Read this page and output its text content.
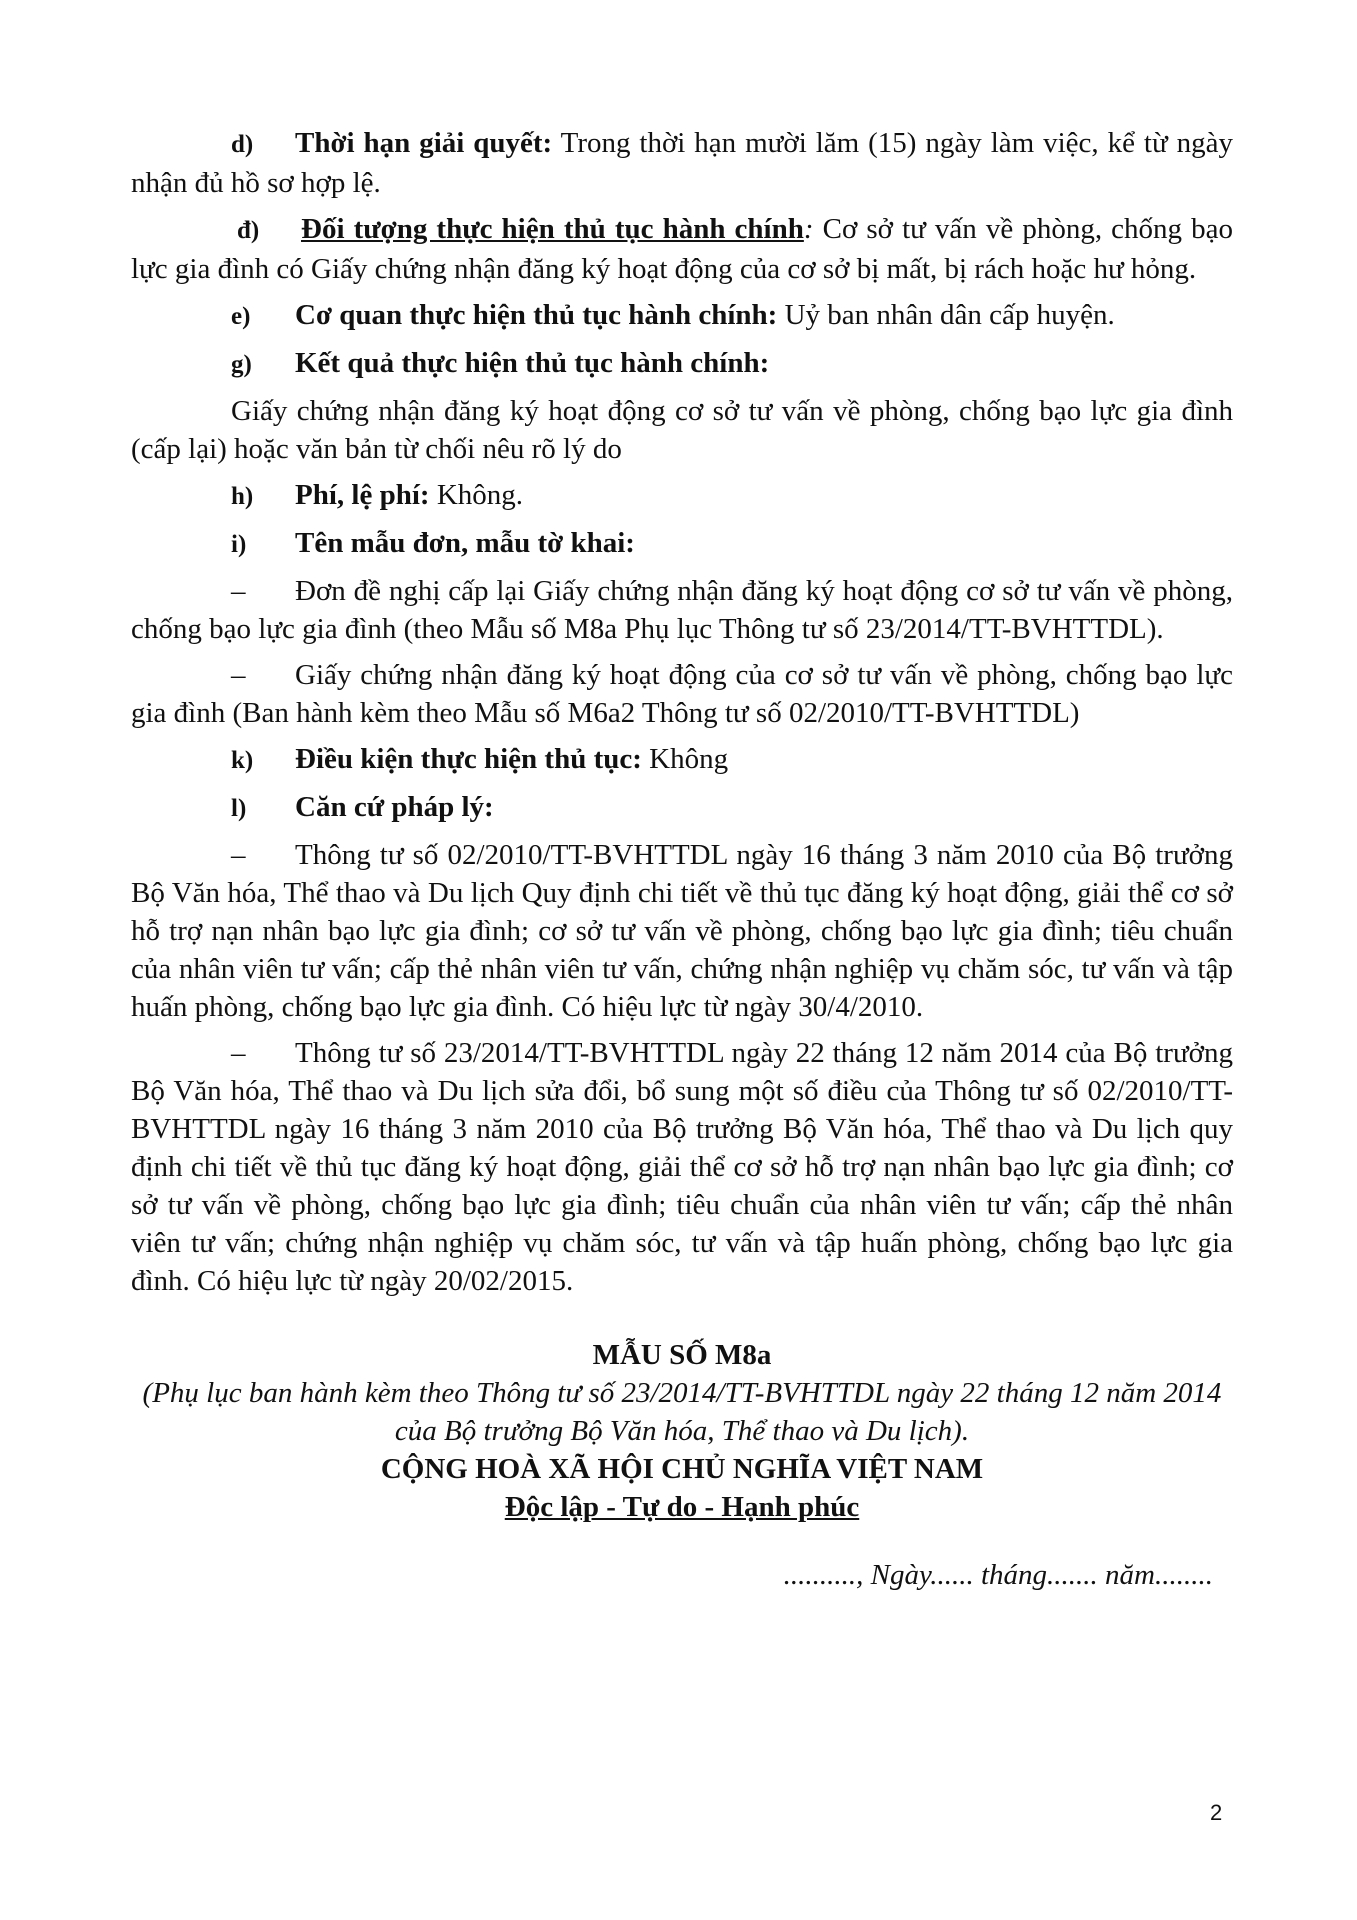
d) Thời hạn giải quyết: Trong thời hạn mười lăm (15) ngày làm việc, kể từ ngày nhận đủ hồ sơ hợp lệ.

đ) Đối tượng thực hiện thủ tục hành chính: Cơ sở tư vấn về phòng, chống bạo lực gia đình có Giấy chứng nhận đăng ký hoạt động của cơ sở bị mất, bị rách hoặc hư hỏng.

e) Cơ quan thực hiện thủ tục hành chính: Uỷ ban nhân dân cấp huyện.

g) Kết quả thực hiện thủ tục hành chính:

Giấy chứng nhận đăng ký hoạt động cơ sở tư vấn về phòng, chống bạo lực gia đình (cấp lại) hoặc văn bản từ chối nêu rõ lý do

h) Phí, lệ phí: Không.

i) Tên mẫu đơn, mẫu tờ khai:

– Đơn đề nghị cấp lại Giấy chứng nhận đăng ký hoạt động cơ sở tư vấn về phòng, chống bạo lực gia đình (theo Mẫu số M8a Phụ lục Thông tư số 23/2014/TT-BVHTTDL).

– Giấy chứng nhận đăng ký hoạt động của cơ sở tư vấn về phòng, chống bạo lực gia đình (Ban hành kèm theo Mẫu số M6a2 Thông tư số 02/2010/TT-BVHTTDL)

k) Điều kiện thực hiện thủ tục: Không

l) Căn cứ pháp lý:

– Thông tư số 02/2010/TT-BVHTTDL ngày 16 tháng 3 năm 2010 của Bộ trưởng Bộ Văn hóa, Thể thao và Du lịch Quy định chi tiết về thủ tục đăng ký hoạt động, giải thể cơ sở hỗ trợ nạn nhân bạo lực gia đình; cơ sở tư vấn về phòng, chống bạo lực gia đình; tiêu chuẩn của nhân viên tư vấn; cấp thẻ nhân viên tư vấn, chứng nhận nghiệp vụ chăm sóc, tư vấn và tập huấn phòng, chống bạo lực gia đình. Có hiệu lực từ ngày 30/4/2010.

– Thông tư số 23/2014/TT-BVHTTDL ngày 22 tháng 12 năm 2014 của Bộ trưởng Bộ Văn hóa, Thể thao và Du lịch sửa đổi, bổ sung một số điều của Thông tư số 02/2010/TT-BVHTTDL ngày 16 tháng 3 năm 2010 của Bộ trưởng Bộ Văn hóa, Thể thao và Du lịch quy định chi tiết về thủ tục đăng ký hoạt động, giải thể cơ sở hỗ trợ nạn nhân bạo lực gia đình; cơ sở tư vấn về phòng, chống bạo lực gia đình; tiêu chuẩn của nhân viên tư vấn; cấp thẻ nhân viên tư vấn; chứng nhận nghiệp vụ chăm sóc, tư vấn và tập huấn phòng, chống bạo lực gia đình. Có hiệu lực từ ngày 20/02/2015.

MẪU SỐ M8a

(Phụ lục ban hành kèm theo Thông tư số 23/2014/TT-BVHTTDL ngày 22 tháng 12 năm 2014 của Bộ trưởng Bộ Văn hóa, Thể thao và Du lịch).

CỘNG HOÀ XÃ HỘI CHỦ NGHĨA VIỆT NAM

Độc lập - Tự do - Hạnh phúc

.........., Ngày...... tháng....... năm........

2
